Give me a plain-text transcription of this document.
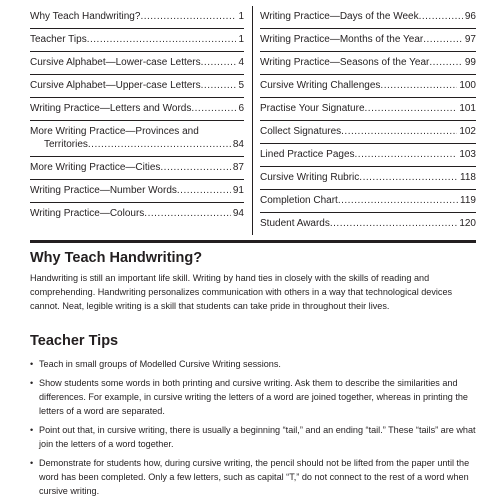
Why Teach Handwriting? .....	1
Teacher Tips .....	1
Cursive Alphabet—Lower-case Letters .....	4
Cursive Alphabet—Upper-case Letters .....	5
Writing Practice—Letters and Words .....	6
More Writing Practice—Provinces and
Territories .....	84
More Writing Practice—Cities .....	87
Writing Practice—Number Words .....	91
Writing Practice—Colours .....	94
Writing Practice—Days of the Week .....	96
Writing Practice—Months of the Year .....	97
Writing Practice—Seasons of the Year .....	99
Cursive Writing Challenges .....	100
Practise Your Signature .....	101
Collect Signatures .....	102
Lined Practice Pages .....	103
Cursive Writing Rubric .....	118
Completion Chart .....	119
Student Awards .....	120
Why Teach Handwriting?

Handwriting is still an important life skill. Writing by hand ties in closely with the skills of reading and comprehending. Handwriting personalizes communication with others in a way that technological devices cannot. Neat, legible writing is a skill that students can take pride in throughout their lives.

Teacher Tips
• Teach in small groups of Modelled Cursive Writing sessions.
• Show students some words in both printing and cursive writing. Ask them to describe the similarities and differences. For example, in cursive writing the letters of a word are joined together, whereas in printing the letters of a word are separated.
• Point out that, in cursive writing, there is usually a beginning “tail,” and an ending “tail.” These “tails” are what join the letters of a word together.
• Demonstrate for students how, during cursive writing, the pencil should not be lifted from the paper until the word has been completed. Only a few letters, such as capital “T,” do not connect to the rest of a word when cursive writing.
